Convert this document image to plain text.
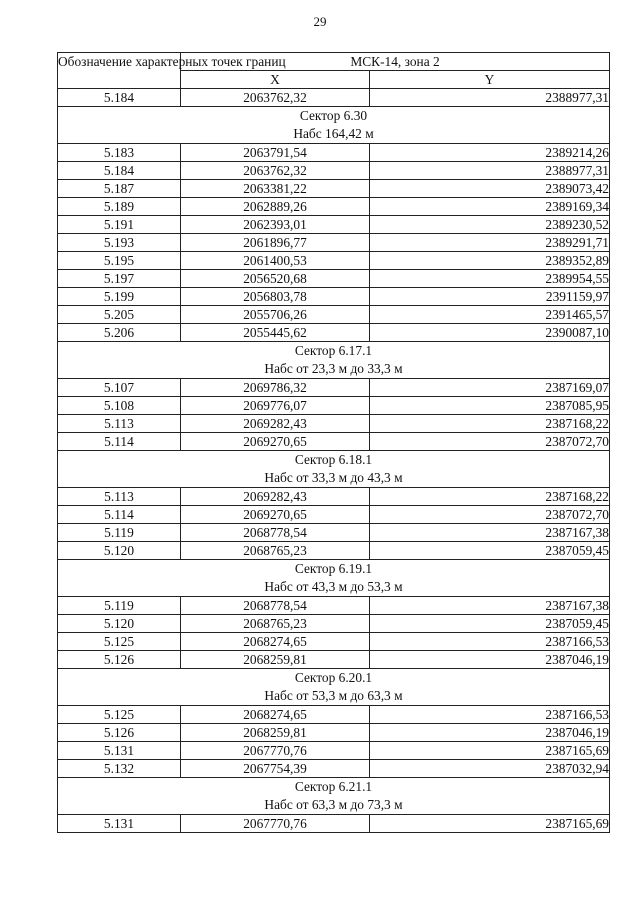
29
Обозначение характерных точек границ	МСК-14, зона 2	
	X	Y
5.184	2063762,32	2388977,31

Сектор 6.30
Набс 164,42 м		

5.183	2063791,54	2389214,26
5.184	2063762,32	2388977,31
5.187	2063381,22	2389073,42
5.189	2062889,26	2389169,34
5.191	2062393,01	2389230,52
5.193	2061896,77	2389291,71
5.195	2061400,53	2389352,89
5.197	2056520,68	2389954,55
5.199	2056803,78	2391159,97
5.205	2055706,26	2391465,57
5.206	2055445,62	2390087,10

Сектор 6.17.1
Набс от 23,3 м до 33,3 м		

5.107	2069786,32	2387169,07
5.108	2069776,07	2387085,95
5.113	2069282,43	2387168,22
5.114	2069270,65	2387072,70

Сектор 6.18.1
Набс от 33,3 м до 43,3 м		

5.113	2069282,43	2387168,22
5.114	2069270,65	2387072,70
5.119	2068778,54	2387167,38
5.120	2068765,23	2387059,45

Сектор 6.19.1
Набс от 43,3 м до 53,3 м		

5.119	2068778,54	2387167,38
5.120	2068765,23	2387059,45
5.125	2068274,65	2387166,53
5.126	2068259,81	2387046,19

Сектор 6.20.1
Набс от 53,3 м до 63,3 м		

5.125	2068274,65	2387166,53
5.126	2068259,81	2387046,19
5.131	2067770,76	2387165,69
5.132	2067754,39	2387032,94

Сектор 6.21.1
Набс от 63,3 м до 73,3 м		

5.131	2067770,76	2387165,69
